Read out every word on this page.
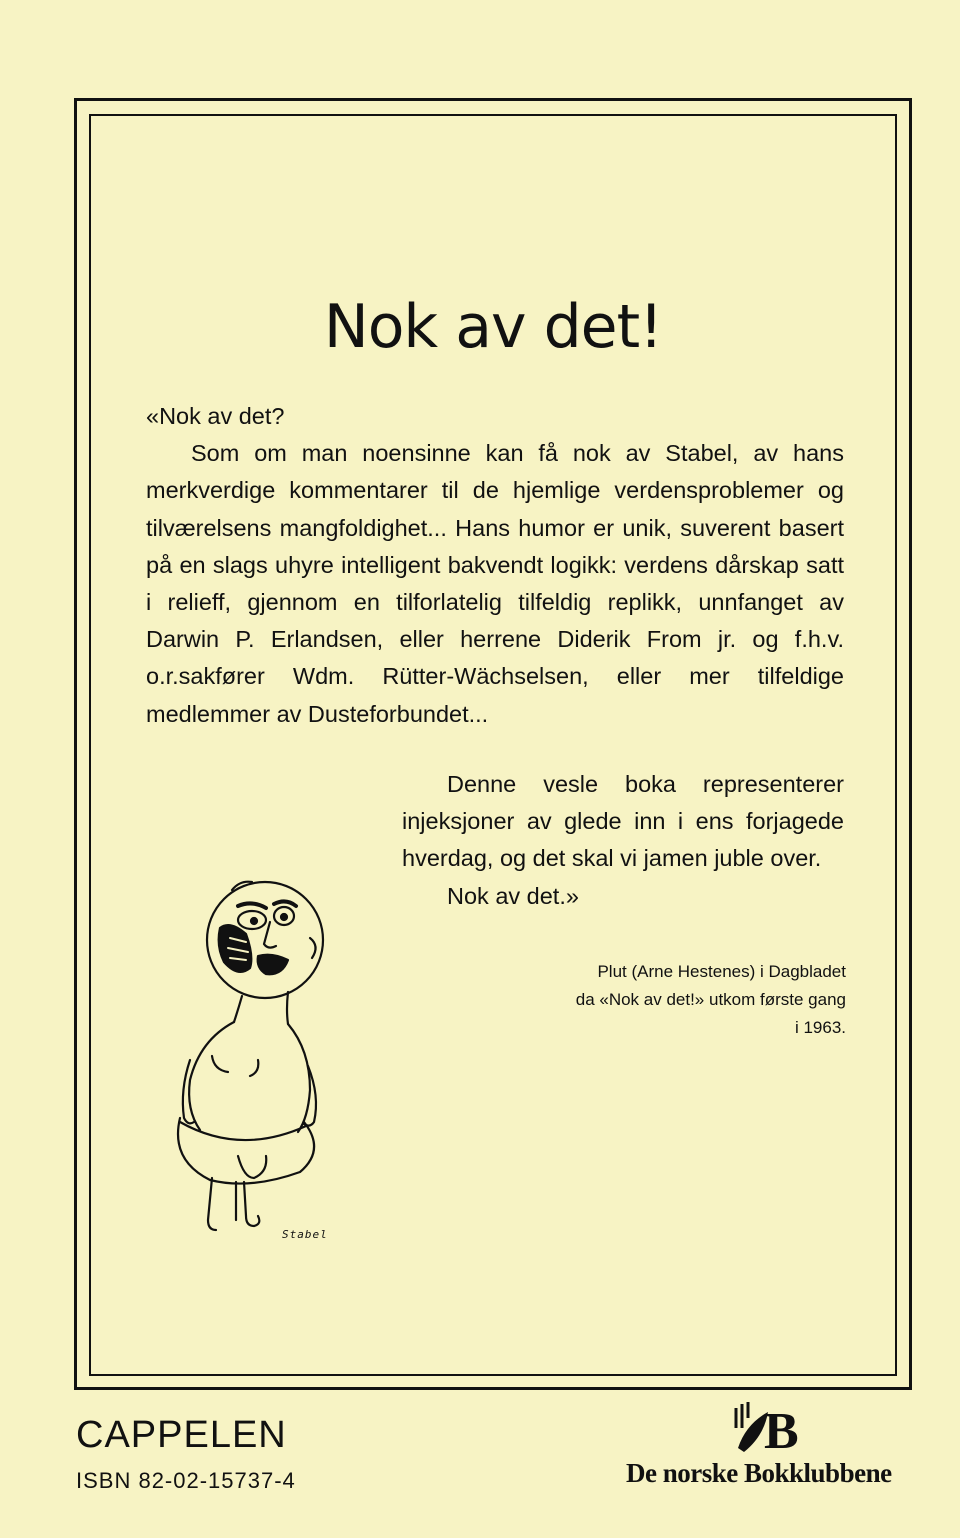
Nok av det!

«Nok av det?

Som om man noensinne kan få nok av Stabel, av hans merkverdige kommentarer til de hjemlige verdensproblemer og tilværelsens mangfoldighet... Hans humor er unik, suverent basert på en slags uhyre intelligent bakvendt logikk: verdens dårskap satt i relieff, gjennom en tilforlatelig tilfeldig replikk, unnfanget av Darwin P. Erlandsen, eller herrene Diderik From jr. og f.h.v. o.r.sakfører Wdm. Rütter-Wächselsen, eller mer tilfeldige medlemmer av Dusteforbundet...

Denne vesle boka representerer injeksjoner av glede inn i ens forjagede hverdag, og det skal vi jamen juble over.

Nok av det.»

Plut (Arne Hestenes) i Dagbladet
da «Nok av det!» utkom første gang
i 1963.
Stabel
CAPPELEN
ISBN 82-02-15737-4
B
De norske Bokklubbene
